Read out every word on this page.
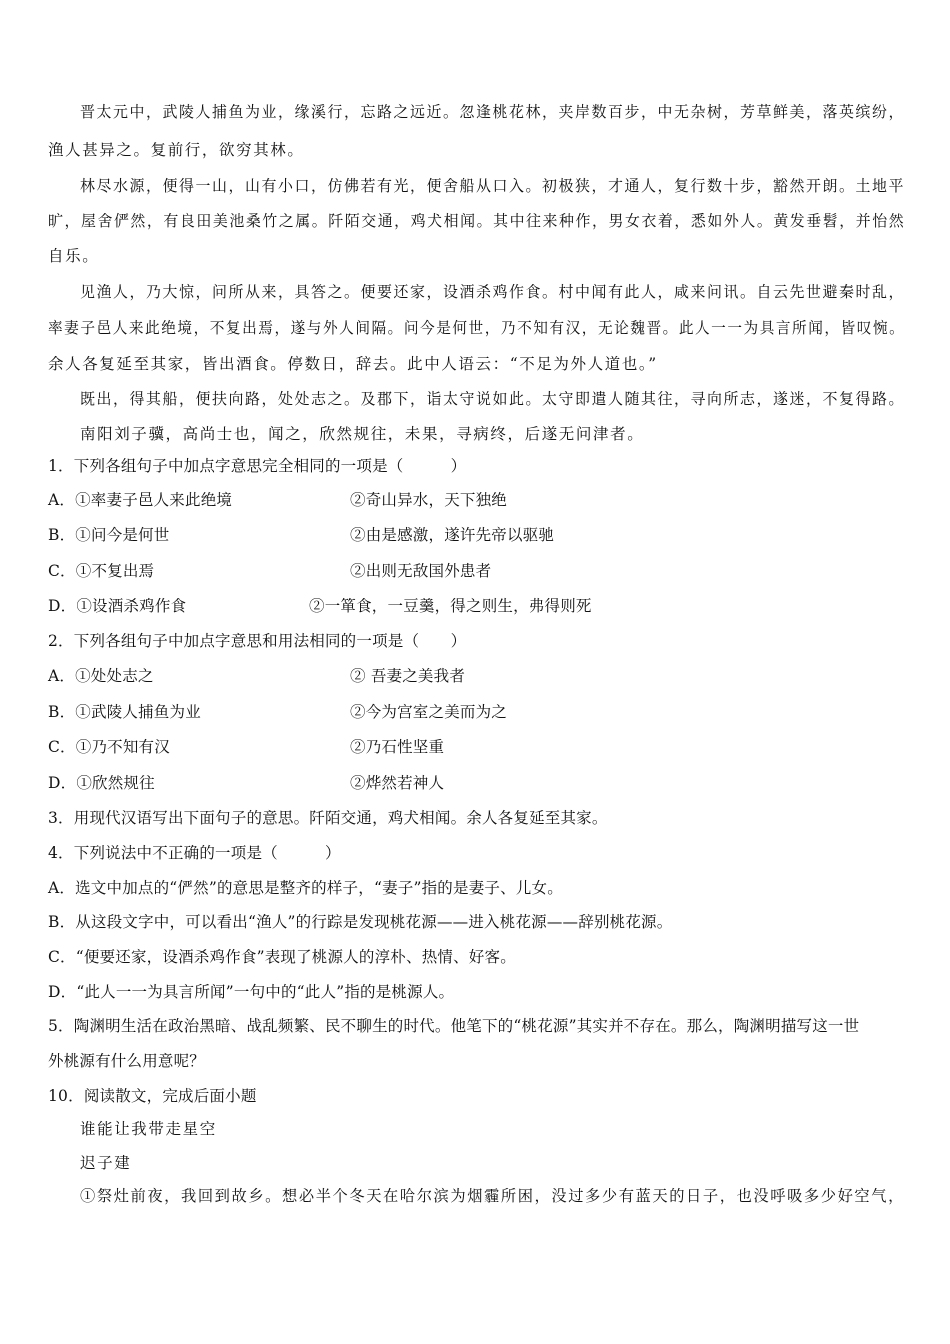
晋太元中，武陵人捕鱼为业，缘溪行，忘路之远近。忽逢桃花林，夹岸数百步，中无杂树，芳草鲜美，落英缤纷，
渔人甚异之。复前行，欲穷其林。
林尽水源，便得一山，山有小口，仿佛若有光，便舍船从口入。初极狭，才通人，复行数十步，豁然开朗。土地平
旷，屋舍俨然，有良田美池桑竹之属。阡陌交通，鸡犬相闻。其中往来种作，男女衣着，悉如外人。黄发垂髫，并怡然
自乐。
见渔人，乃大惊，问所从来，具答之。便要还家，设酒杀鸡作食。村中闻有此人，咸来问讯。自云先世避秦时乱，
率妻子邑人来此绝境，不复出焉，遂与外人间隔。问今是何世，乃不知有汉，无论魏晋。此人一一为具言所闻，皆叹惋。
余人各复延至其家，皆出酒食。停数日，辞去。此中人语云：“不足为外人道也。”
既出，得其船，便扶向路，处处志之。及郡下，诣太守说如此。太守即遣人随其往，寻向所志，遂迷，不复得路。
南阳刘子骥，高尚士也，闻之，欣然规往，未果，寻病终，后遂无问津者。
1．下列各组句子中加点字意思完全相同的一项是（　　　）
A．①率妻子邑人来此绝境	②奇山异水，天下独绝
B．①问今是何世	②由是感激，遂许先帝以驱驰
C．①不复出焉	②出则无敌国外患者
D．①设酒杀鸡作食	②一箪食，一豆羹，得之则生，弗得则死
2．下列各组句子中加点字意思和用法相同的一项是（　　）
A．①处处志之	② 吾妻之美我者
B．①武陵人捕鱼为业	②今为宫室之美而为之
C．①乃不知有汉	②乃石性坚重
D．①欣然规往	②烨然若神人
3．用现代汉语写出下面句子的意思。阡陌交通，鸡犬相闻。余人各复延至其家。
4．下列说法中不正确的一项是（　　　）
A．选文中加点的“俨然”的意思是整齐的样子，“妻子”指的是妻子、儿女。
B．从这段文字中，可以看出“渔人”的行踪是发现桃花源——进入桃花源——辞别桃花源。
C．“便要还家，设酒杀鸡作食”表现了桃源人的淳朴、热情、好客。
D．“此人一一为具言所闻”一句中的“此人”指的是桃源人。
5．陶渊明生活在政治黑暗、战乱频繁、民不聊生的时代。他笔下的“桃花源”其实并不存在。那么，陶渊明描写这一世
外桃源有什么用意呢？
10．阅读散文，完成后面小题
谁能让我带走星空
迟子建
①祭灶前夜，我回到故乡。想必半个冬天在哈尔滨为烟霾所困，没过多少有蓝天的日子，也没呼吸多少好空气，
